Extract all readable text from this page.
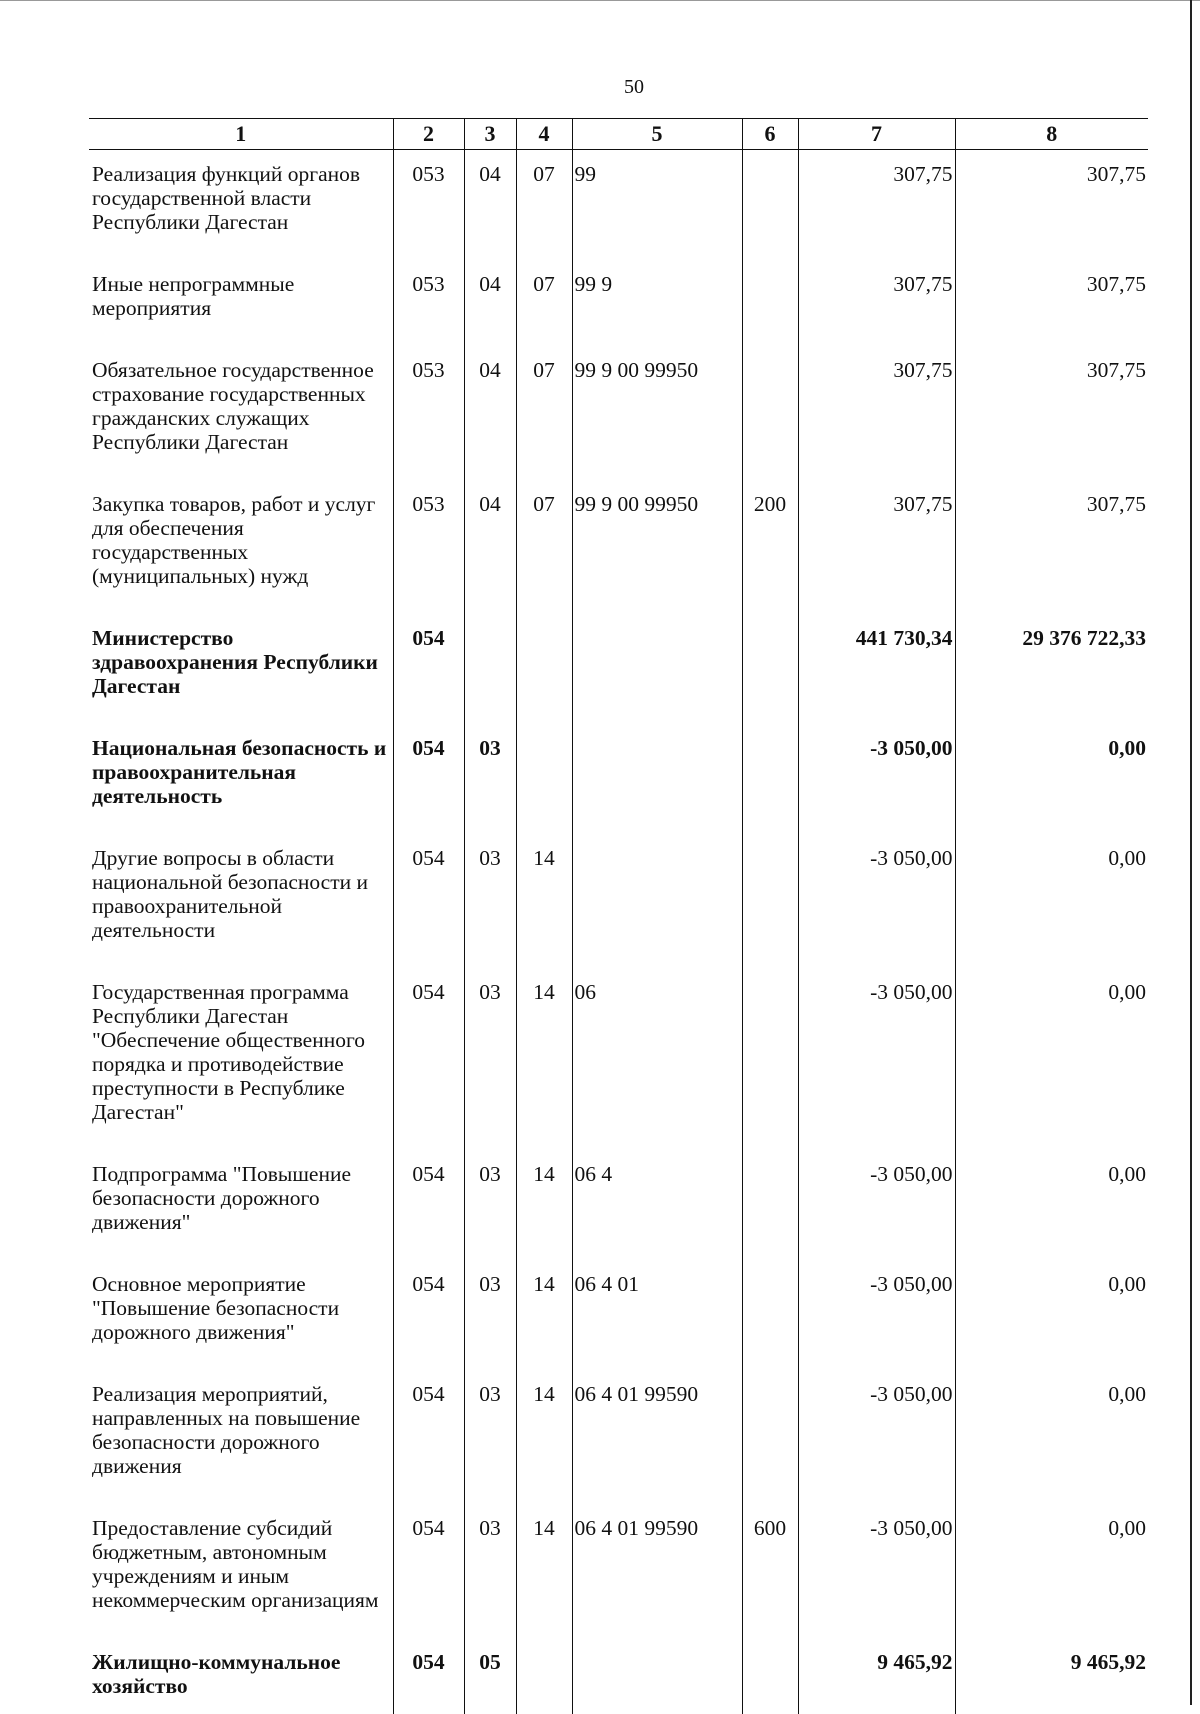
50
1	2	3	4	5	6	7	8
Реализация функций органов государственной власти Республики Дагестан	053	04	07	99		307,75	307,75
Иные непрограммные мероприятия	053	04	07	99 9		307,75	307,75
Обязательное государственное страхование государственных гражданских служащих Республики Дагестан	053	04	07	99 9 00 99950		307,75	307,75
Закупка товаров, работ и услуг для обеспечения государственных (муниципальных) нужд	053	04	07	99 9 00 99950	200	307,75	307,75
Министерство здравоохранения Республики Дагестан	054					441 730,34	29 376 722,33
Национальная безопасность и правоохранительная деятельность	054	03				-3 050,00	0,00
Другие вопросы в области национальной безопасности и правоохранительной деятельности	054	03	14			-3 050,00	0,00
Государственная программа Республики Дагестан "Обеспечение общественного порядка и противодействие преступности в Республике Дагестан"	054	03	14	06		-3 050,00	0,00
Подпрограмма "Повышение безопасности дорожного движения"	054	03	14	06 4		-3 050,00	0,00
Основное мероприятие "Повышение безопасности дорожного движения"	054	03	14	06 4 01		-3 050,00	0,00
Реализация мероприятий, направленных на повышение безопасности дорожного движения	054	03	14	06 4 01 99590		-3 050,00	0,00
Предоставление субсидий бюджетным, автономным учреждениям и иным некоммерческим организациям	054	03	14	06 4 01 99590	600	-3 050,00	0,00
Жилищно-коммунальное хозяйство	054	05				9 465,92	9 465,92
